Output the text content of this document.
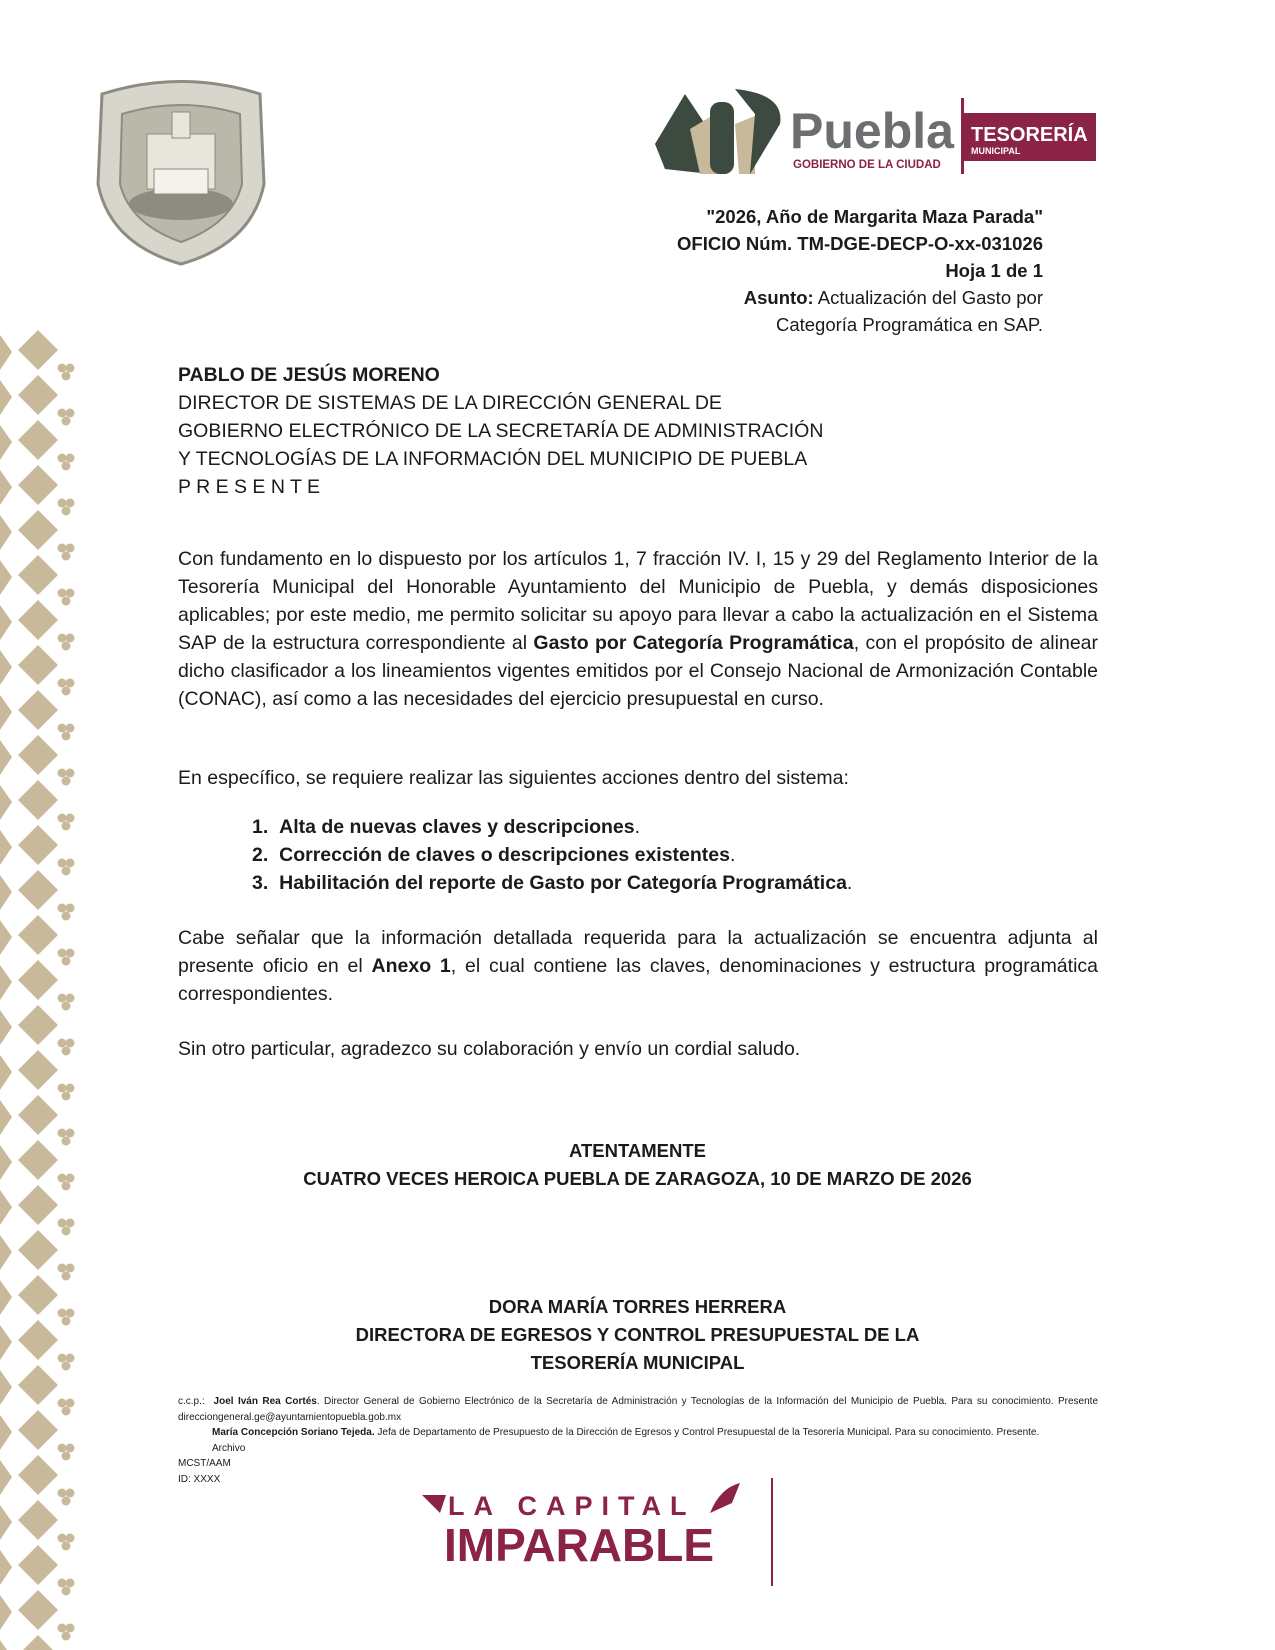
Puebla
GOBIERNO DE LA CIUDAD
TESORERÍA
MUNICIPAL
"2026, Año de Margarita Maza Parada"
OFICIO Núm. TM-DGE-DECP-O-xx-031026
Hoja 1 de 1
Asunto: Actualización del Gasto por
Categoría Programática en SAP.
PABLO DE JESÚS MORENO
DIRECTOR DE SISTEMAS DE LA DIRECCIÓN GENERAL DE
GOBIERNO ELECTRÓNICO DE LA SECRETARÍA DE ADMINISTRACIÓN
Y TECNOLOGÍAS DE LA INFORMACIÓN DEL MUNICIPIO DE PUEBLA
P R E S E N T E
Con fundamento en lo dispuesto por los artículos 1, 7 fracción IV. I, 15 y 29 del Reglamento Interior de la Tesorería Municipal del Honorable Ayuntamiento del Municipio de Puebla, y demás disposiciones aplicables; por este medio, me permito solicitar su apoyo para llevar a cabo la actualización en el Sistema SAP de la estructura correspondiente al Gasto por Categoría Programática, con el propósito de alinear dicho clasificador a los lineamientos vigentes emitidos por el Consejo Nacional de Armonización Contable (CONAC), así como a las necesidades del ejercicio presupuestal en curso.
En específico, se requiere realizar las siguientes acciones dentro del sistema:
1. Alta de nuevas claves y descripciones.
2. Corrección de claves o descripciones existentes.
3. Habilitación del reporte de Gasto por Categoría Programática.
Cabe señalar que la información detallada requerida para la actualización se encuentra adjunta al presente oficio en el Anexo 1, el cual contiene las claves, denominaciones y estructura programática correspondientes.
Sin otro particular, agradezco su colaboración y envío un cordial saludo.
ATENTAMENTE
CUATRO VECES HEROICA PUEBLA DE ZARAGOZA, 10 DE MARZO DE 2026
DORA MARÍA TORRES HERRERA
DIRECTORA DE EGRESOS Y CONTROL PRESUPUESTAL DE LA
TESORERÍA MUNICIPAL
c.c.p.: Joel Iván Rea Cortés. Director General de Gobierno Electrónico de la Secretaría de Administración y Tecnologías de la Información del Municipio de Puebla. Para su conocimiento. Presente direcciongeneral.ge@ayuntamientopuebla.gob.mx
María Concepción Soriano Tejeda. Jefa de Departamento de Presupuesto de la Dirección de Egresos y Control Presupuestal de la Tesorería Municipal. Para su conocimiento. Presente.
Archivo
MCST/AAM
ID: XXXX
LA CAPITAL
IMPARABLE
